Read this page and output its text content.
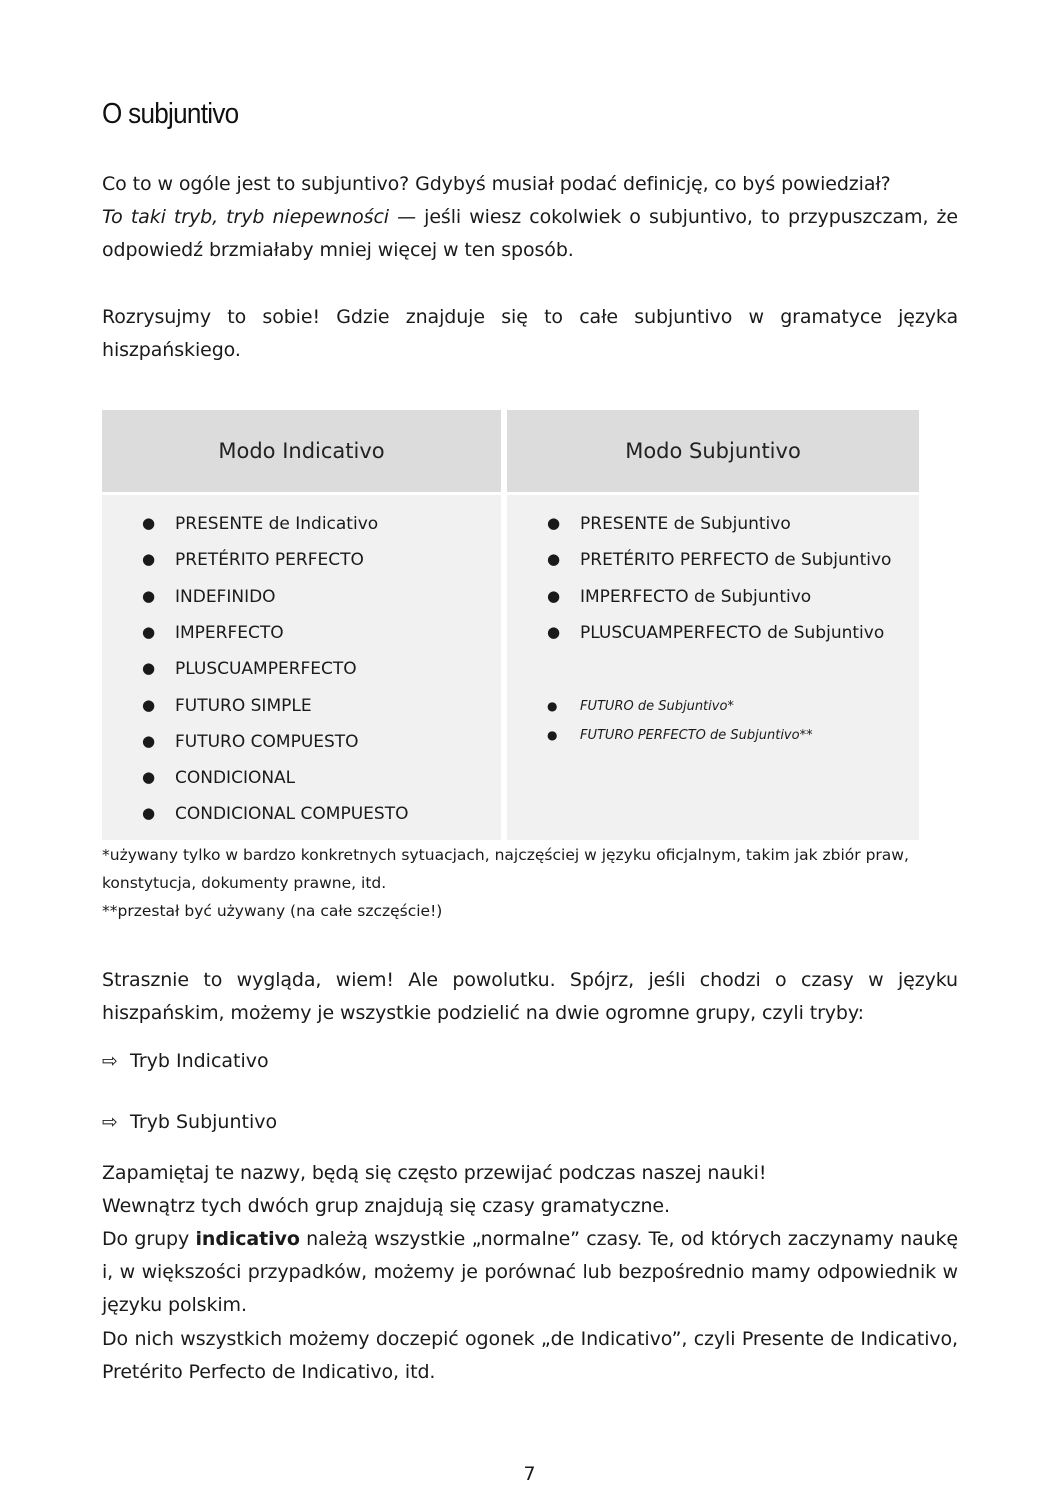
O subjuntivo

Co to w ogóle jest to subjuntivo? Gdybyś musiał podać definicję, co byś powiedział?

To taki tryb, tryb niepewności — jeśli wiesz cokolwiek o subjuntivo, to przypuszczam, że

odpowiedź brzmiałaby mniej więcej w ten sposób.

Rozrysujmy to sobie! Gdzie znajduje się to całe subjuntivo w gramatyce języka

hiszpańskiego.

Modo Indicativo	Modo Subjuntivo
● PRESENTE de Indicativo
● PRETÉRITO PERFECTO
● INDEFINIDO
● IMPERFECTO
● PLUSCUAMPERFECTO
● FUTURO SIMPLE
● FUTURO COMPUESTO
● CONDICIONAL
● CONDICIONAL COMPUESTO
● PRESENTE de Subjuntivo
● PRETÉRITO PERFECTO de Subjuntivo
● IMPERFECTO de Subjuntivo
● PLUSCUAMPERFECTO de Subjuntivo
● FUTURO de Subjuntivo*
● FUTURO PERFECTO de Subjuntivo**

*używany tylko w bardzo konkretnych sytuacjach, najczęściej w języku oficjalnym, takim jak zbiór praw,

konstytucja, dokumenty prawne, itd.

**przestał być używany (na całe szczęście!)

Strasznie to wygląda, wiem! Ale powolutku. Spójrz, jeśli chodzi o czasy w języku

hiszpańskim, możemy je wszystkie podzielić na dwie ogromne grupy, czyli tryby:

⇨ Tryb Indicativo
⇨ Tryb Subjuntivo

Zapamiętaj te nazwy, będą się często przewijać podczas naszej nauki!

Wewnątrz tych dwóch grup znajdują się czasy gramatyczne.

Do grupy indicativo należą wszystkie „normalne” czasy. Te, od których zaczynamy naukę

i, w większości przypadków, możemy je porównać lub bezpośrednio mamy odpowiednik w

języku polskim.

Do nich wszystkich możemy doczepić ogonek „de Indicativo”, czyli Presente de Indicativo,

Pretérito Perfecto de Indicativo, itd.

7
